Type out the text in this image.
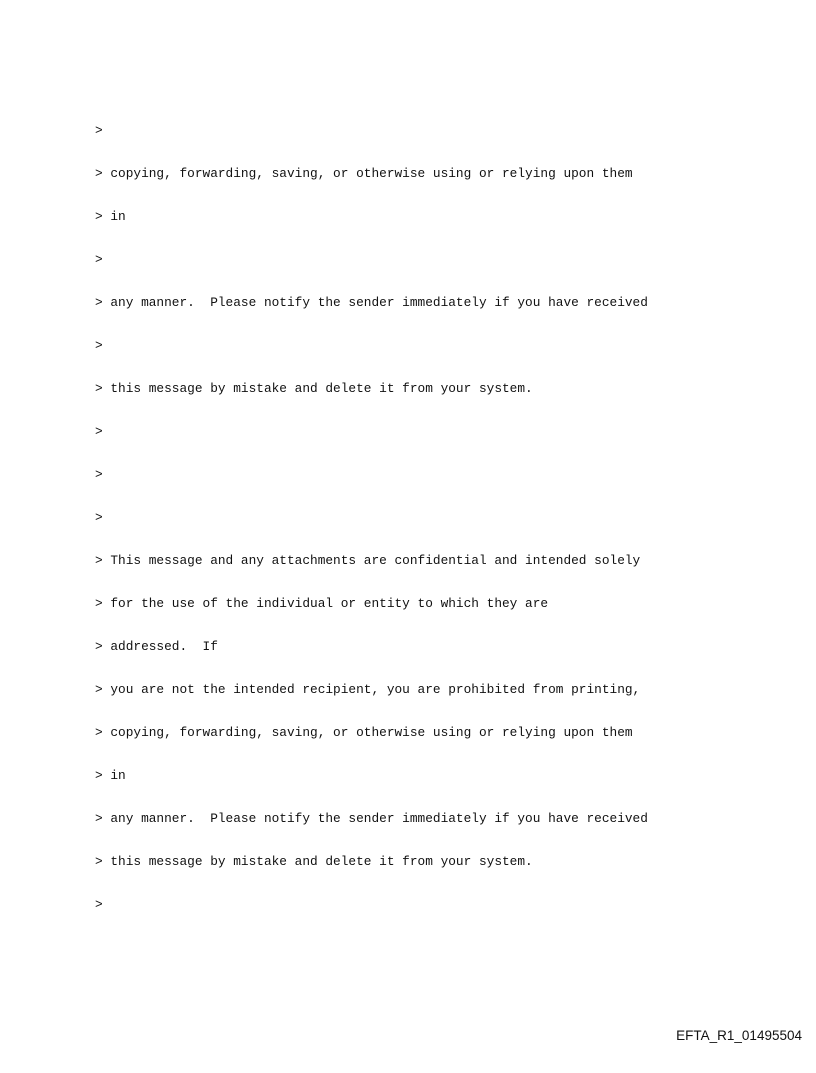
>

> copying, forwarding, saving, or otherwise using or relying upon them

> in

>

> any manner.  Please notify the sender immediately if you have received

>

> this message by mistake and delete it from your system.

>

>

>

> This message and any attachments are confidential and intended solely

> for the use of the individual or entity to which they are

> addressed.  If

> you are not the intended recipient, you are prohibited from printing,

> copying, forwarding, saving, or otherwise using or relying upon them

> in

> any manner.  Please notify the sender immediately if you have received

> this message by mistake and delete it from your system.

>

EFTA_R1_01495504
